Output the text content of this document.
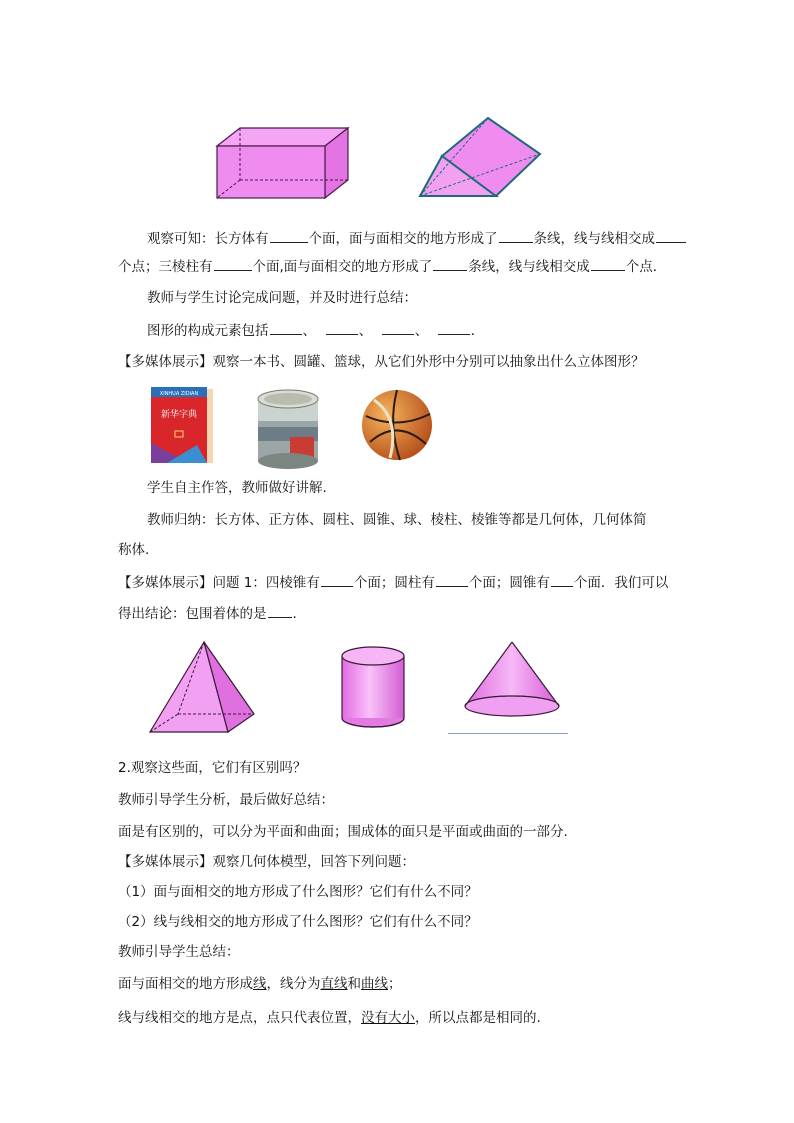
观察可知：长方体有	个面，面与面相交的地方形成了	条线，线与线相交成
个点；三棱柱有	个面,面与面相交的地方形成了	条线，线与线相交成	个点．
教师与学生讨论完成问题，并及时进行总结：
图形的构成元素包括	、	、	、	．
【多媒体展示】观察一本书、圆罐、篮球，从它们外形中分别可以抽象出什么立体图形？
XINHUA ZIDIAN
新华字典
学生自主作答，教师做好讲解.
教师归纳：长方体、正方体、圆柱、圆锥、球、棱柱、棱锥等都是几何体，几何体简
称体.
【多媒体展示】问题 1：四棱锥有	个面；圆柱有	个面；圆锥有 个面．我们可以
得出结论：包围着体的是 .
2.观察这些面，它们有区别吗？
教师引导学生分析，最后做好总结：
面是有区别的，可以分为平面和曲面；围成体的面只是平面或曲面的一部分.
【多媒体展示】观察几何体模型，回答下列问题：
（1）面与面相交的地方形成了什么图形？它们有什么不同？
（2）线与线相交的地方形成了什么图形？它们有什么不同？
教师引导学生总结：
面与面相交的地方形成线，线分为直线和曲线；
线与线相交的地方是点，点只代表位置，没有大小，所以点都是相同的.
